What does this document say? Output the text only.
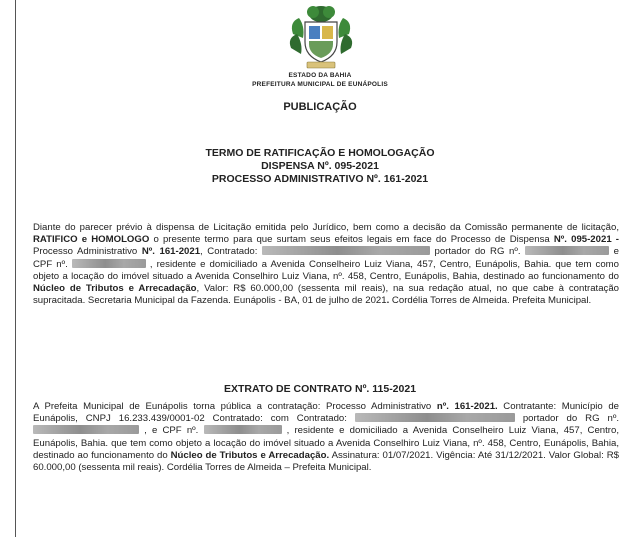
ESTADO DA BAHIA
PREFEITURA MUNICIPAL DE EUNÁPOLIS
PUBLICAÇÃO
TERMO DE RATIFICAÇÃO E HOMOLOGAÇÃO
DISPENSA Nº. 095-2021
PROCESSO ADMINISTRATIVO Nº. 161-2021
Diante do parecer prévio à dispensa de Licitação emitida pelo Jurídico, bem como a decisão da Comissão permanente de licitação, RATIFICO e HOMOLOGO o presente termo para que surtam seus efeitos legais em face do Processo de Dispensa Nº. 095-2021 - Processo Administrativo Nº. 161-2021, Contratado:	portador do RG nº.	e CPF nº.	, residente e domiciliado a Avenida Conselheiro Luiz Viana, 457, Centro, Eunápolis, Bahia. que tem como objeto a locação do imóvel situado a Avenida Conselhiro Luiz Viana, nº. 458, Centro, Eunápolis, Bahia, destinado ao funcionamento do Núcleo de Tributos e Arrecadação, Valor: R$ 60.000,00 (sessenta mil reais), na sua redação atual, no que cabe à contratação supracitada. Secretaria Municipal da Fazenda. Eunápolis - BA, 01 de julho de 2021. Cordélia Torres de Almeida. Prefeita Municipal.
EXTRATO DE CONTRATO Nº. 115-2021
A Prefeita Municipal de Eunápolis torna pública a contratação: Processo Administrativo nº. 161-2021. Contratante: Município de Eunápolis, CNPJ 16.233.439/0001-02 Contratado: com Contratado:	portador do RG nº.  , e CPF nº.	, residente e domiciliado a Avenida Conselheiro Luiz Viana, 457, Centro, Eunápolis, Bahia. que tem como objeto a locação do imóvel situado a Avenida Conselhiro Luiz Viana, nº. 458, Centro, Eunápolis, Bahia, destinado ao funcionamento do Núcleo de Tributos e Arrecadação. Assinatura: 01/07/2021. Vigência: Até 31/12/2021. Valor Global: R$ 60.000,00 (sessenta mil reais). Cordélia Torres de Almeida – Prefeita Municipal.
